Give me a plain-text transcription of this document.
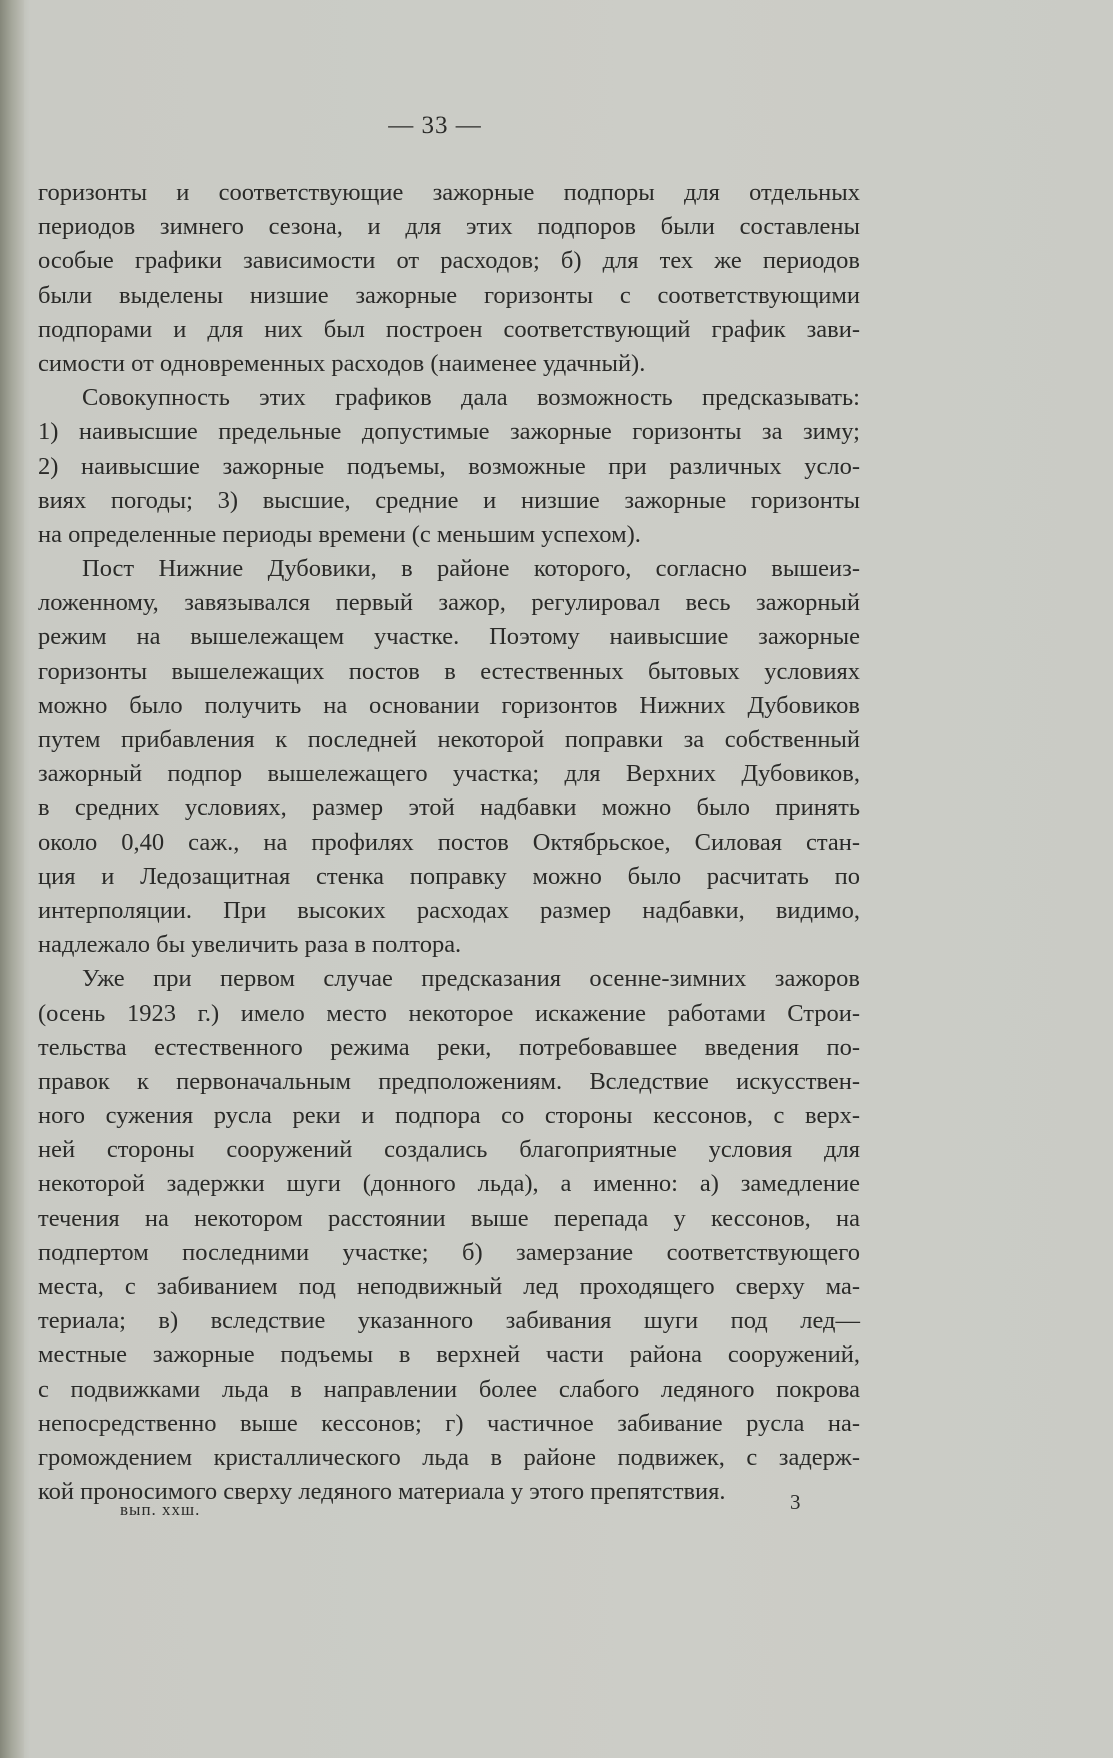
— 33 —
горизонты и соответствующие зажорные подпоры для отдельных
периодов зимнего сезона, и для этих подпоров были составлены
особые графики зависимости от расходов; б) для тех же периодов
были выделены низшие зажорные горизонты с соответствующими
подпорами и для них был построен соответствующий график зави-
симости от одновременных расходов (наименее удачный).
Совокупность этих графиков дала возможность предсказывать:
1) наивысшие предельные допустимые зажорные горизонты за зиму;
2) наивысшие зажорные подъемы, возможные при различных усло-
виях погоды; 3) высшие, средние и низшие зажорные горизонты
на определенные периоды времени (с меньшим успехом).
Пост Нижние Дубовики, в районе которого, согласно вышеиз-
ложенному, завязывался первый зажор, регулировал весь зажорный
режим на вышележащем участке. Поэтому наивысшие зажорные
горизонты вышележащих постов в естественных бытовых условиях
можно было получить на основании горизонтов Нижних Дубовиков
путем прибавления к последней некоторой поправки за собственный
зажорный подпор вышележащего участка; для Верхних Дубовиков,
в средних условиях, размер этой надбавки можно было принять
около 0,40 саж., на профилях постов Октябрьское, Силовая стан-
ция и Ледозащитная стенка поправку можно было расчитать по
интерполяции. При высоких расходах размер надбавки, видимо,
надлежало бы увеличить раза в полтора.
Уже при первом случае предсказания осенне-зимних зажоров
(осень 1923 г.) имело место некоторое искажение работами Строи-
тельства естественного режима реки, потребовавшее введения по-
правок к первоначальным предположениям. Вследствие искусствен-
ного сужения русла реки и подпора со стороны кессонов, с верх-
ней стороны сооружений создались благоприятные условия для
некоторой задержки шуги (донного льда), а именно: а) замедление
течения на некотором расстоянии выше перепада у кессонов, на
подпертом последними участке; б) замерзание соответствующего
места, с забиванием под неподвижный лед проходящего сверху ма-
териала; в) вследствие указанного забивания шуги под лед—
местные зажорные подъемы в верхней части района сооружений,
с подвижками льда в направлении более слабого ледяного покрова
непосредственно выше кессонов; г) частичное забивание русла на-
громождением кристаллического льда в районе подвижек, с задерж-
кой проносимого сверху ледяного материала у этого препятствия.
вып. xxш.	3
